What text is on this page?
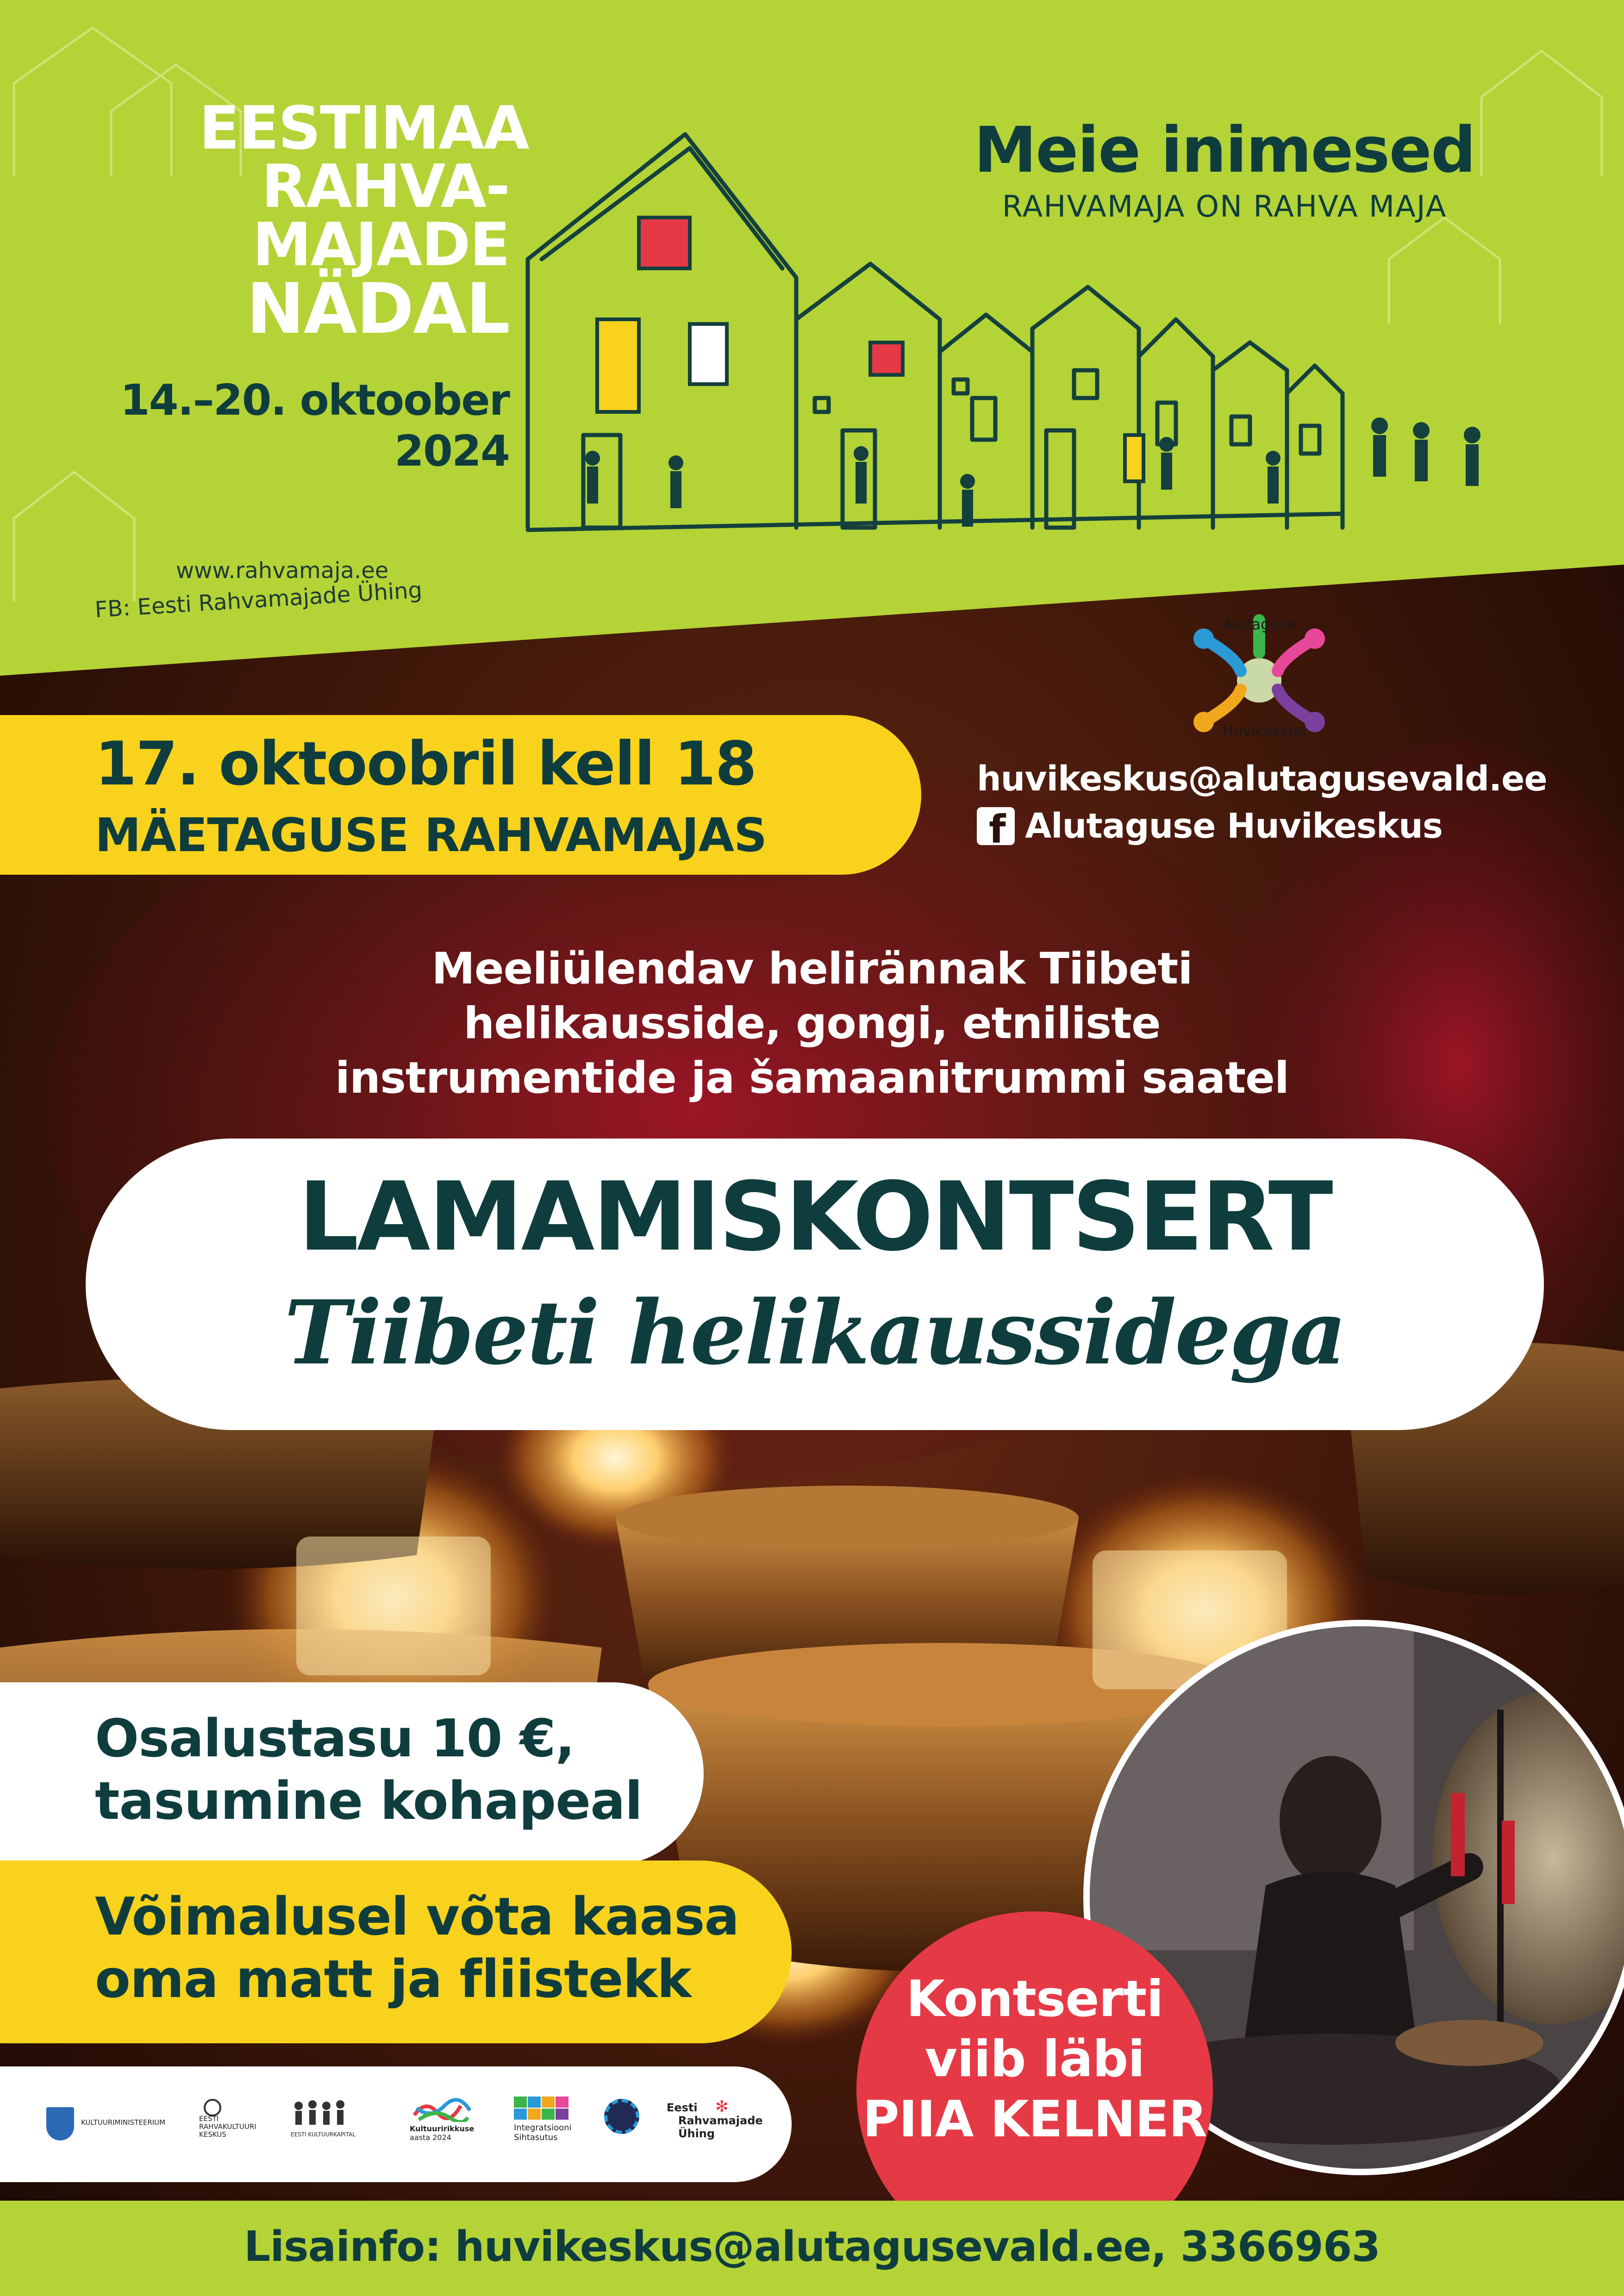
EESTIMAA
RAHVA-
MAJADE
NÄDAL
14.–20. oktoober
2024
Meie inimesed
RAHVAMAJA ON RAHVA MAJA
www.rahvamaja.ee
FB: Eesti Rahvamajade Ühing
Alutaguse
Huvikeskus
huvikeskus@alutagusevald.ee
f Alutaguse Huvikeskus
17. oktoobril kell 18
MÄETAGUSE RAHVAMAJAS
Meeliülendav helirännak Tiibeti
helikausside, gongi, etniliste
instrumentide ja šamaanitrummi saatel
LAMAMISKONTSERT
Tiibeti helikaussidega
Osalustasu 10 €,
tasumine kohapeal
Võimalusel võta kaasa
oma matt ja fliistekk	Kontserti
viib läbi
PIIA KELNER
KULTUURIMINISTEERIUM	EESTI
RAHVAKULTUURI
KESKUS	EESTI KULTUURKAPITAL
Kultuuririkkuse
aasta 2024
Integratsiooni
Sihtasutus
✻
Eesti
Rahvamajade
Ühing
Lisainfo: huvikeskus@alutagusevald.ee, 3366963
